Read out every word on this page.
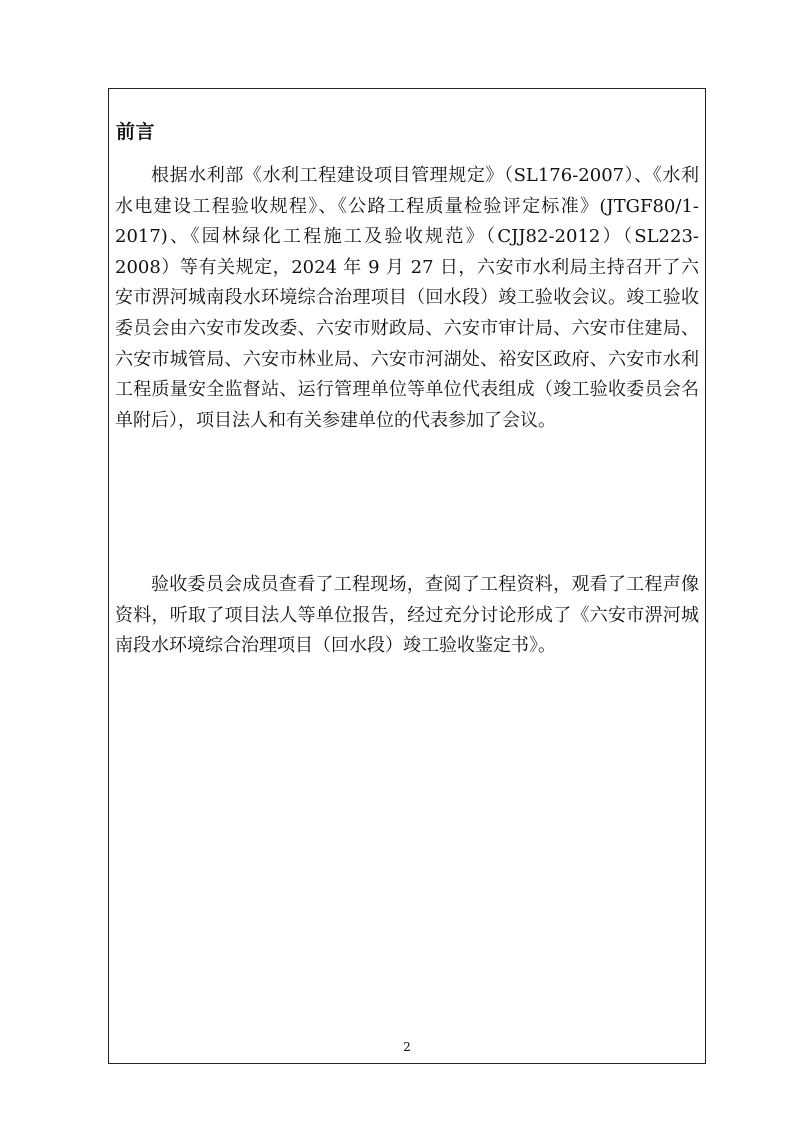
前言

根据水利部《水利工程建设项目管理规定》（SL176-2007）、《水利水电建设工程验收规程》、《公路工程质量检验评定标准》(JTGF80/1-2017)、《园林绿化工程施工及验收规范》（CJJ82-2012）（SL223-2008）等有关规定，2024 年 9 月 27 日，六安市水利局主持召开了六安市淠河城南段水环境综合治理项目（回水段）竣工验收会议。竣工验收委员会由六安市发改委、六安市财政局、六安市审计局、六安市住建局、六安市城管局、六安市林业局、六安市河湖处、裕安区政府、六安市水利工程质量安全监督站、运行管理单位等单位代表组成（竣工验收委员会名单附后），项目法人和有关参建单位的代表参加了会议。

验收委员会成员查看了工程现场，查阅了工程资料，观看了工程声像资料，听取了项目法人等单位报告，经过充分讨论形成了《六安市淠河城南段水环境综合治理项目（回水段）竣工验收鉴定书》。

2
